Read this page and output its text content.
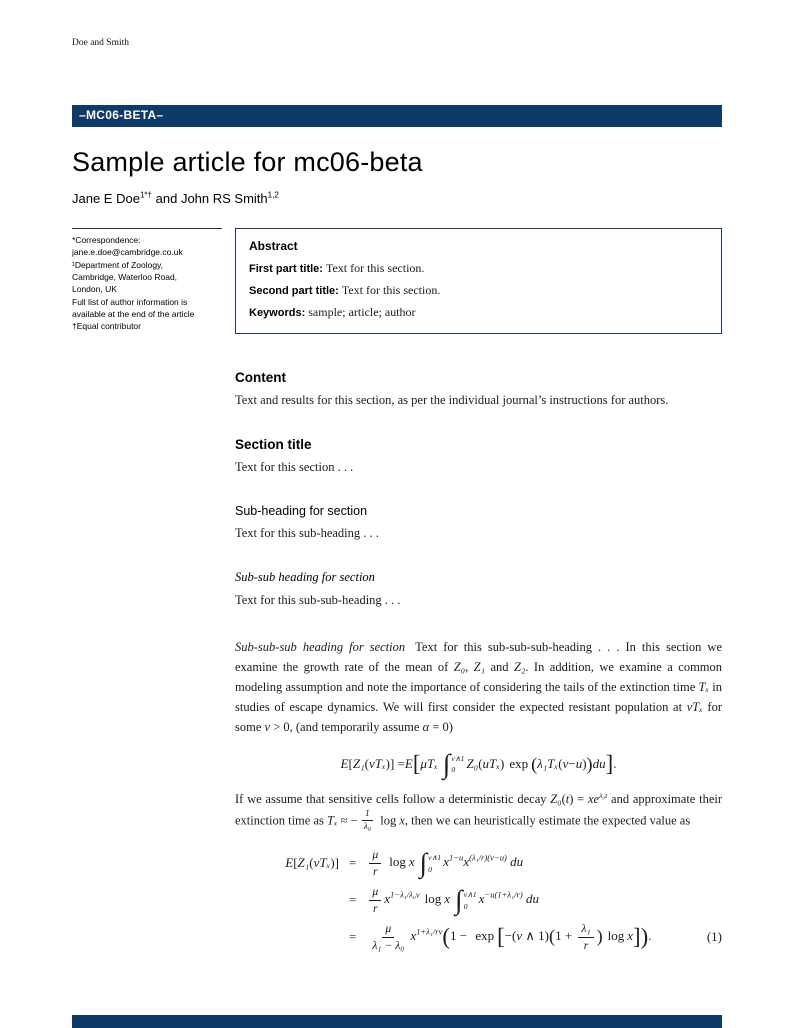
Doe and Smith
–MC06-BETA–
Sample article for mc06-beta
Jane E Doe$^{1*\dagger}$ and John RS Smith$^{1,2}$
*Correspondence:
jane.e.doe@cambridge.co.uk
¹Department of Zoology,
Cambridge, Waterloo Road,
London, UK
Full list of author information is
available at the end of the article
†Equal contributor
Abstract
First part title: Text for this section.
Second part title: Text for this section.
Keywords: sample; article; author
Content

Text and results for this section, as per the individual journal’s instructions for authors.

Section title

Text for this section . . .

Sub-heading for section

Text for this sub-heading . . .

Sub-sub heading for section

Text for this sub-sub-heading . . .

Sub-sub-sub heading for section Text for this sub-sub-sub-heading . . . In this section we examine the growth rate of the mean of Z₀, Z₁ and Z₂. In addition, we examine a common modeling assumption and note the importance of considering the tails of the extinction time Tₓ in studies of escape dynamics. We will first consider the expected resistant population at vTₓ for some v > 0, (and temporarily assume α = 0)

E [ Z₁ ( vTₓ )] = E [ μTₓ ∫ v∧1
0 Z₀ ( uTₓ ) exp ( λ₁Tₓ ( v − u ) ) du ] .

If we assume that sensitive cells follow a deterministic decay $Z_0(t) = xe^{\lambda_0t}$ and approximate their extinction time as Tₓ ≈ − $\frac{1}{\text{λ₀}}$ log x, then we can heuristically estimate the expected value as

E[Z₁(vTₓ)] =	$\frac{\mu}{r}$ log x ∫ v∧1
0 $x^{1-u}x^{(\lambda_1/r)(v-u)}$ du
=	$\frac{\mu}{r} x^{1-\lambda_1/\lambda_0v}$ log x ∫ v∧1
0 $x^{-u(1+\lambda_1/r)}$ du
=	$\frac{\mu}{\text{λ₁ − λ₀}} x^{1+\lambda_1/rv}(1 - \exp [-(v$ ∧ $1)(1 + \frac{\text{λ₁}}{r}$ ) log x]).	(1)
